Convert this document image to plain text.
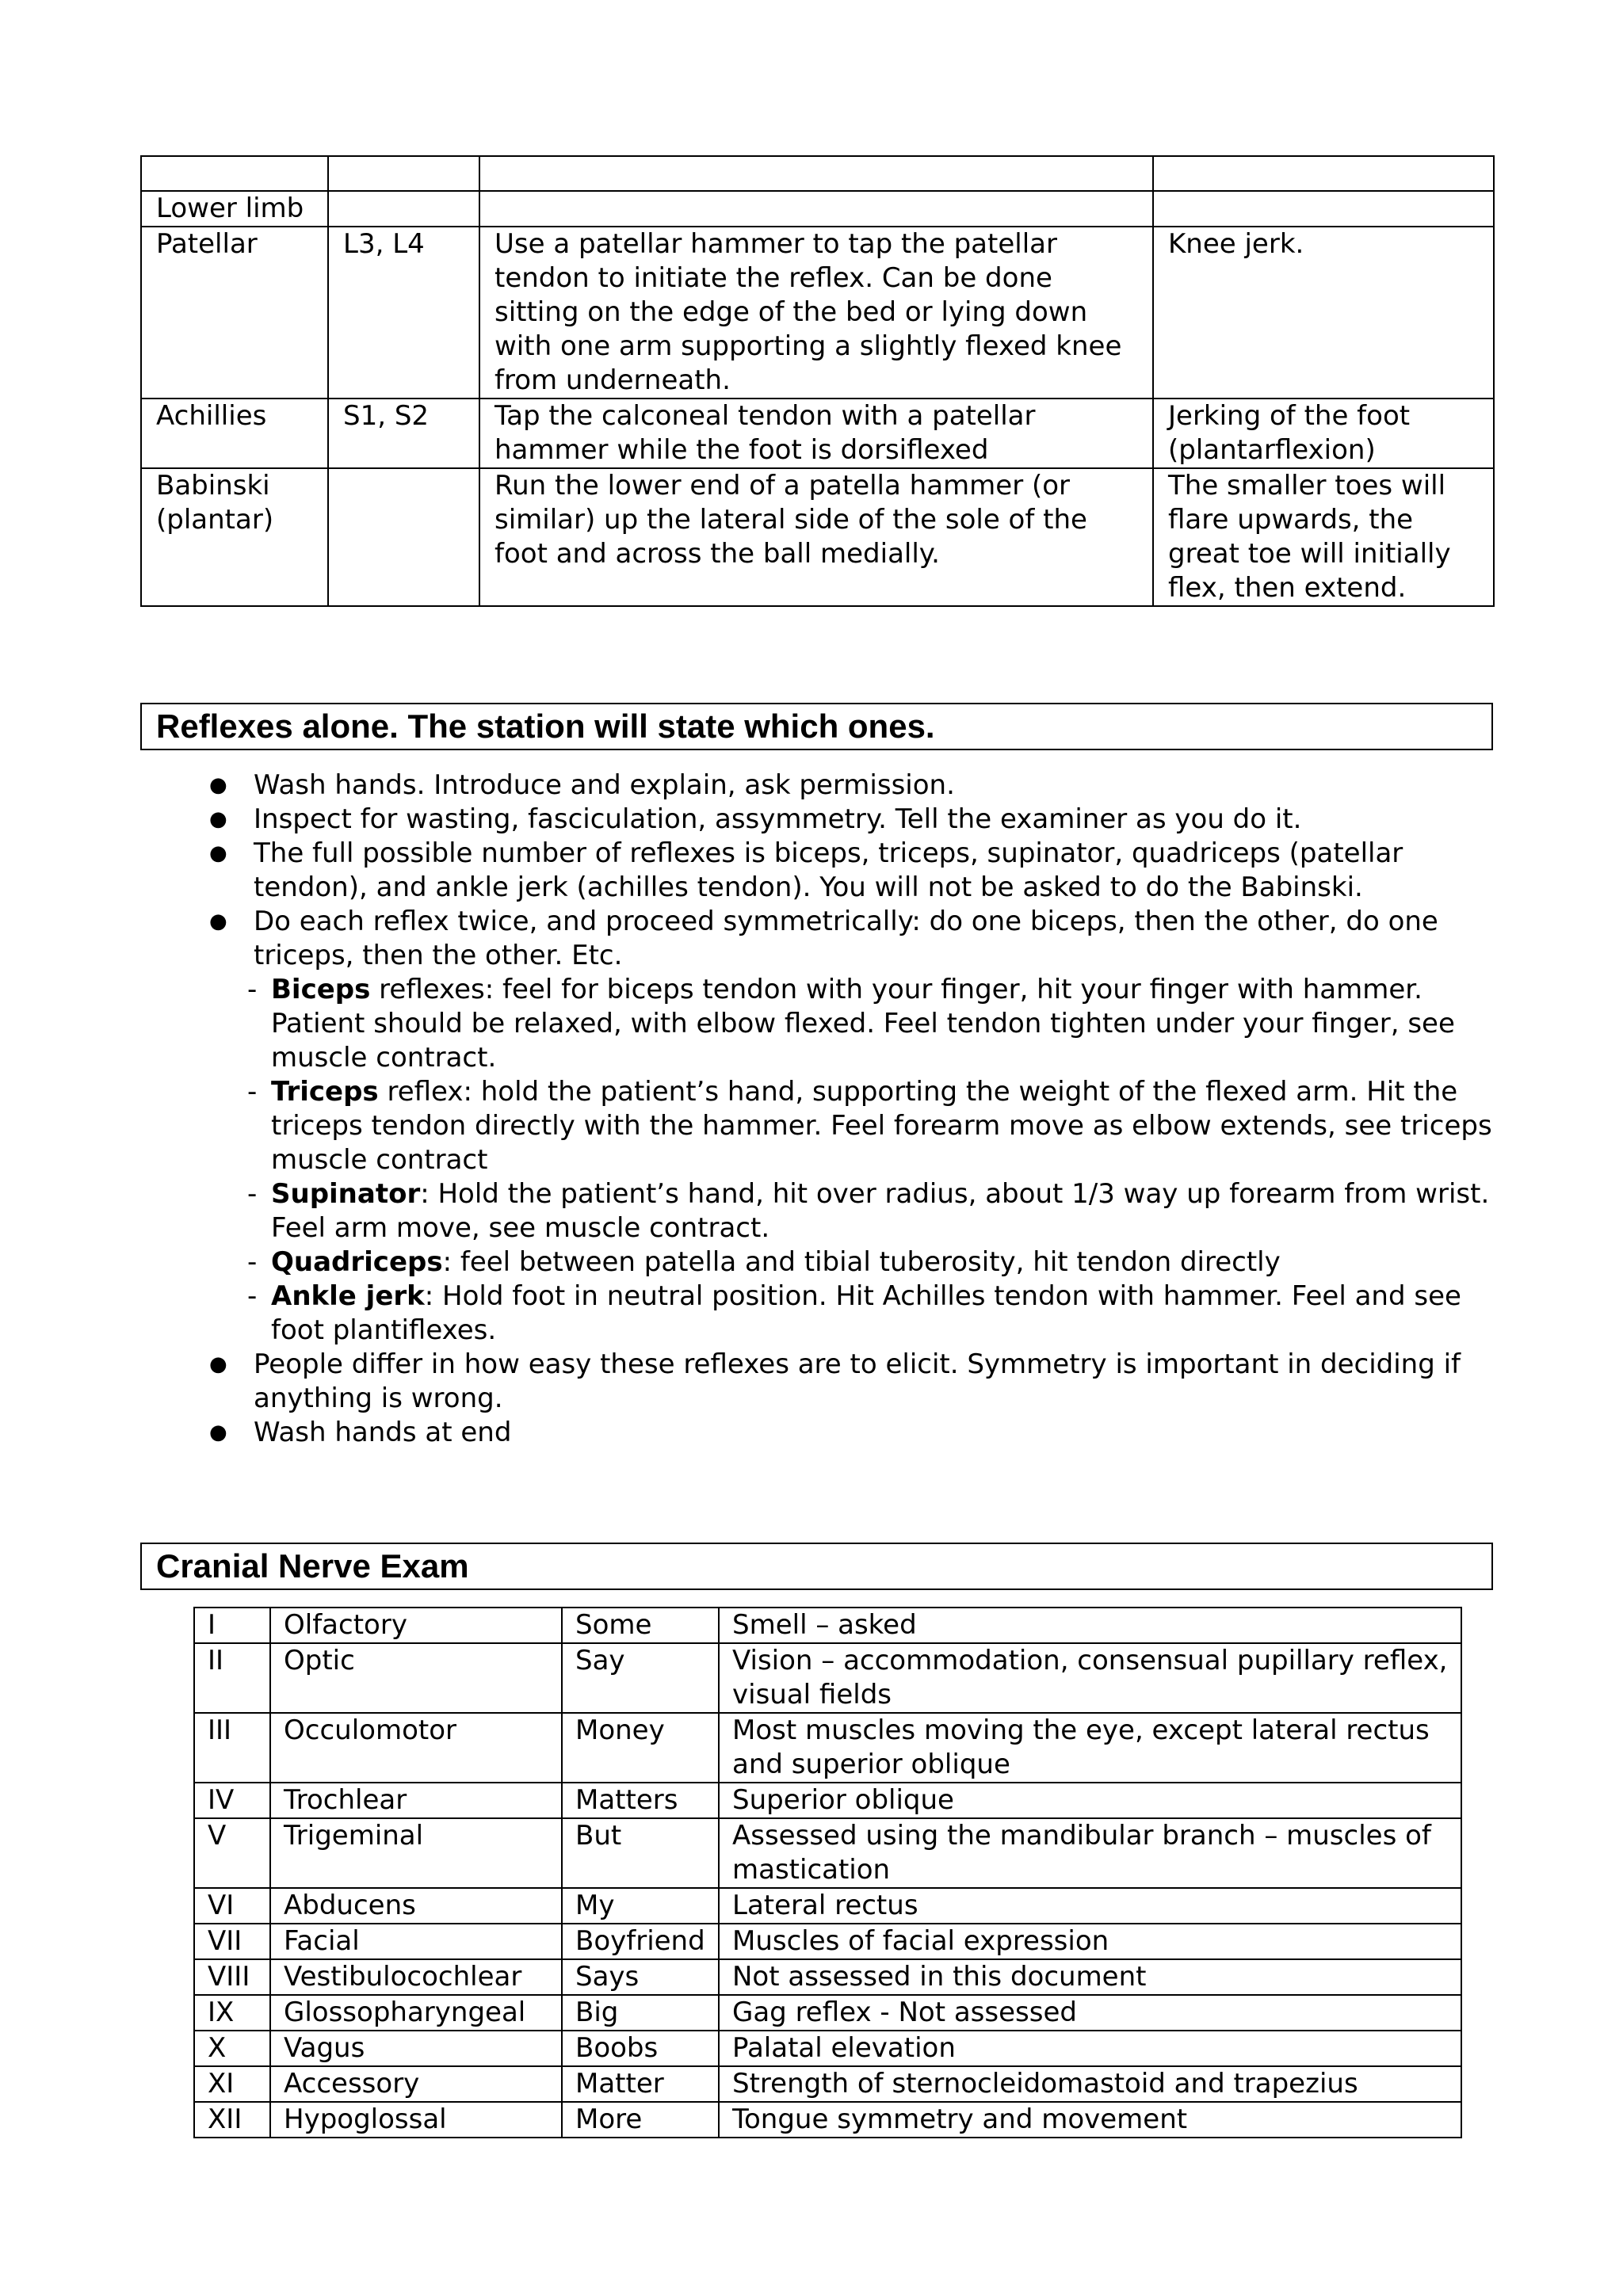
Lower limb			
Patellar	L3, L4	Use a patellar hammer to tap the patellar tendon to initiate the reflex. Can be done sitting on the edge of the bed or lying down with one arm supporting a slightly flexed knee from underneath.	Knee jerk.
Achillies	S1, S2	Tap the calconeal tendon with a patellar hammer while the foot is dorsiflexed	Jerking of the foot (plantarflexion)
Babinski (plantar)		Run the lower end of a patella hammer (or similar) up the lateral side of the sole of the foot and across the ball medially.	The smaller toes will flare upwards, the great toe will initially flex, then extend.
Reflexes alone. The station will state which ones.
● Wash hands. Introduce and explain, ask permission.
● Inspect for wasting, fasciculation, assymmetry. Tell the examiner as you do it.
● The full possible number of reflexes is biceps, triceps, supinator, quadriceps (patellar tendon), and ankle jerk (achilles tendon). You will not be asked to do the Babinski.
● Do each reflex twice, and proceed symmetrically: do one biceps, then the other, do one triceps, then the other. Etc.
- Biceps reflexes: feel for biceps tendon with your finger, hit your finger with hammer. Patient should be relaxed, with elbow flexed. Feel tendon tighten under your finger, see muscle contract.
- Triceps reflex: hold the patient’s hand, supporting the weight of the flexed arm. Hit the triceps tendon directly with the hammer. Feel forearm move as elbow extends, see triceps muscle contract
- Supinator: Hold the patient’s hand, hit over radius, about 1/3 way up forearm from wrist. Feel arm move, see muscle contract.
- Quadriceps: feel between patella and tibial tuberosity, hit tendon directly
- Ankle jerk: Hold foot in neutral position. Hit Achilles tendon with hammer. Feel and see foot plantiflexes.
● People differ in how easy these reflexes are to elicit. Symmetry is important in deciding if anything is wrong.
● Wash hands at end
Cranial Nerve Exam
I	Olfactory	Some	Smell – asked
II	Optic	Say	Vision – accommodation, consensual pupillary reflex, visual fields
III	Occulomotor	Money	Most muscles moving the eye, except lateral rectus and superior oblique
IV	Trochlear	Matters	Superior oblique
V	Trigeminal	But	Assessed using the mandibular branch – muscles of mastication
VI	Abducens	My	Lateral rectus
VII	Facial	Boyfriend	Muscles of facial expression
VIII	Vestibulocochlear	Says	Not assessed in this document
IX	Glossopharyngeal	Big	Gag reflex - Not assessed
X	Vagus	Boobs	Palatal elevation
XI	Accessory	Matter	Strength of sternocleidomastoid and trapezius
XII	Hypoglossal	More	Tongue symmetry and movement
